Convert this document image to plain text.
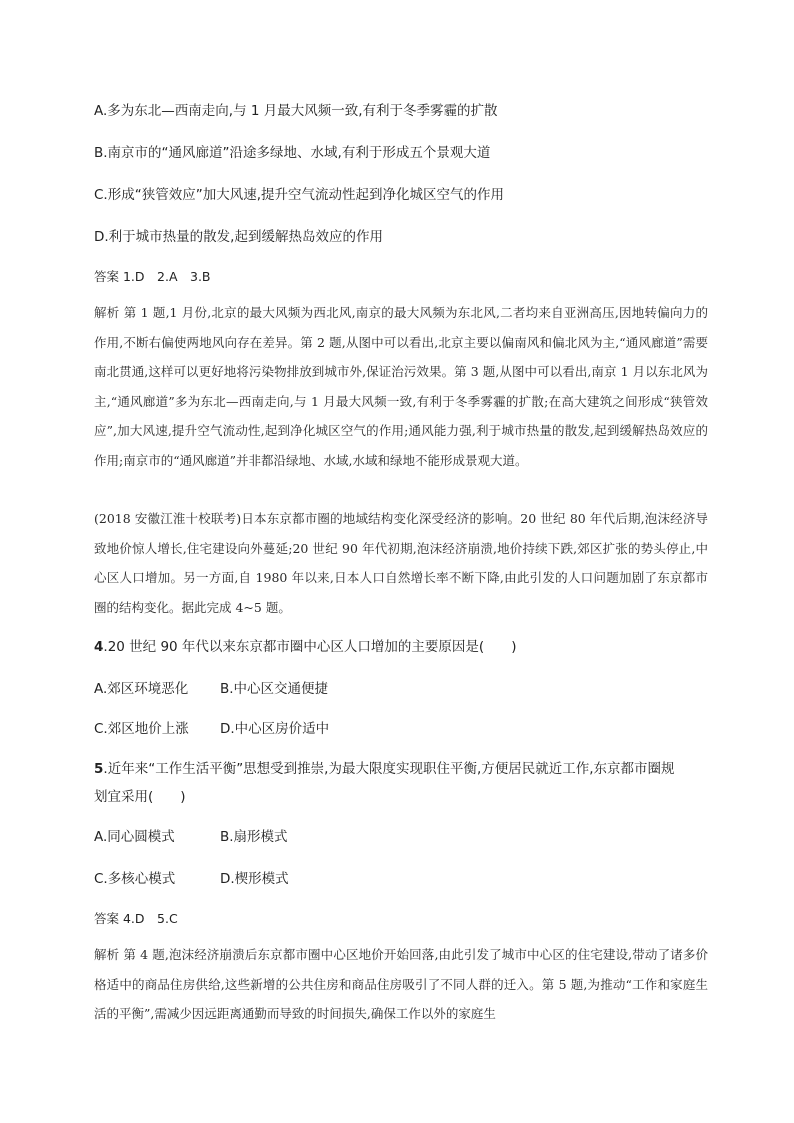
A.多为东北—西南走向,与 1 月最大风频一致,有利于冬季雾霾的扩散
B.南京市的“通风廊道”沿途多绿地、水域,有利于形成五个景观大道
C.形成“狭管效应”加大风速,提升空气流动性起到净化城区空气的作用
D.利于城市热量的散发,起到缓解热岛效应的作用
答案 1.D　2.A　3.B
解析 第 1 题,1 月份,北京的最大风频为西北风,南京的最大风频为东北风,二者均来自亚洲高压,因地转偏向力的作用,不断右偏使两地风向存在差异。第 2 题,从图中可以看出,北京主要以偏南风和偏北风为主,“通风廊道”需要南北贯通,这样可以更好地将污染物排放到城市外,保证治污效果。第 3 题,从图中可以看出,南京 1 月以东北风为主,“通风廊道”多为东北—西南走向,与 1 月最大风频一致,有利于冬季雾霾的扩散;在高大建筑之间形成“狭管效应”,加大风速,提升空气流动性,起到净化城区空气的作用;通风能力强,利于城市热量的散发,起到缓解热岛效应的作用;南京市的“通风廊道”并非都沿绿地、水域,水域和绿地不能形成景观大道。
(2018 安徽江淮十校联考)日本东京都市圈的地域结构变化深受经济的影响。20 世纪 80 年代后期,泡沫经济导致地价惊人增长,住宅建设向外蔓延;20 世纪 90 年代初期,泡沫经济崩溃,地价持续下跌,郊区扩张的势头停止,中心区人口增加。另一方面,自 1980 年以来,日本人口自然增长率不断下降,由此引发的人口问题加剧了东京都市圈的结构变化。据此完成 4~5 题。
4.20 世纪 90 年代以来东京都市圈中心区人口增加的主要原因是(　　)
A.郊区环境恶化 B.中心区交通便捷
C.郊区地价上涨 D.中心区房价适中
5.近年来“工作生活平衡”思想受到推崇,为最大限度实现职住平衡,方便居民就近工作,东京都市圈规
划宜采用(　　)
A.同心圆模式	B.扇形模式
C.多核心模式	D.楔形模式
答案 4.D　5.C
解析 第 4 题,泡沫经济崩溃后东京都市圈中心区地价开始回落,由此引发了城市中心区的住宅建设,带动了诸多价格适中的商品住房供给,这些新增的公共住房和商品住房吸引了不同人群的迁入。第 5 题,为推动“工作和家庭生活的平衡”,需减少因远距离通勤而导致的时间损失,确保工作以外的家庭生
